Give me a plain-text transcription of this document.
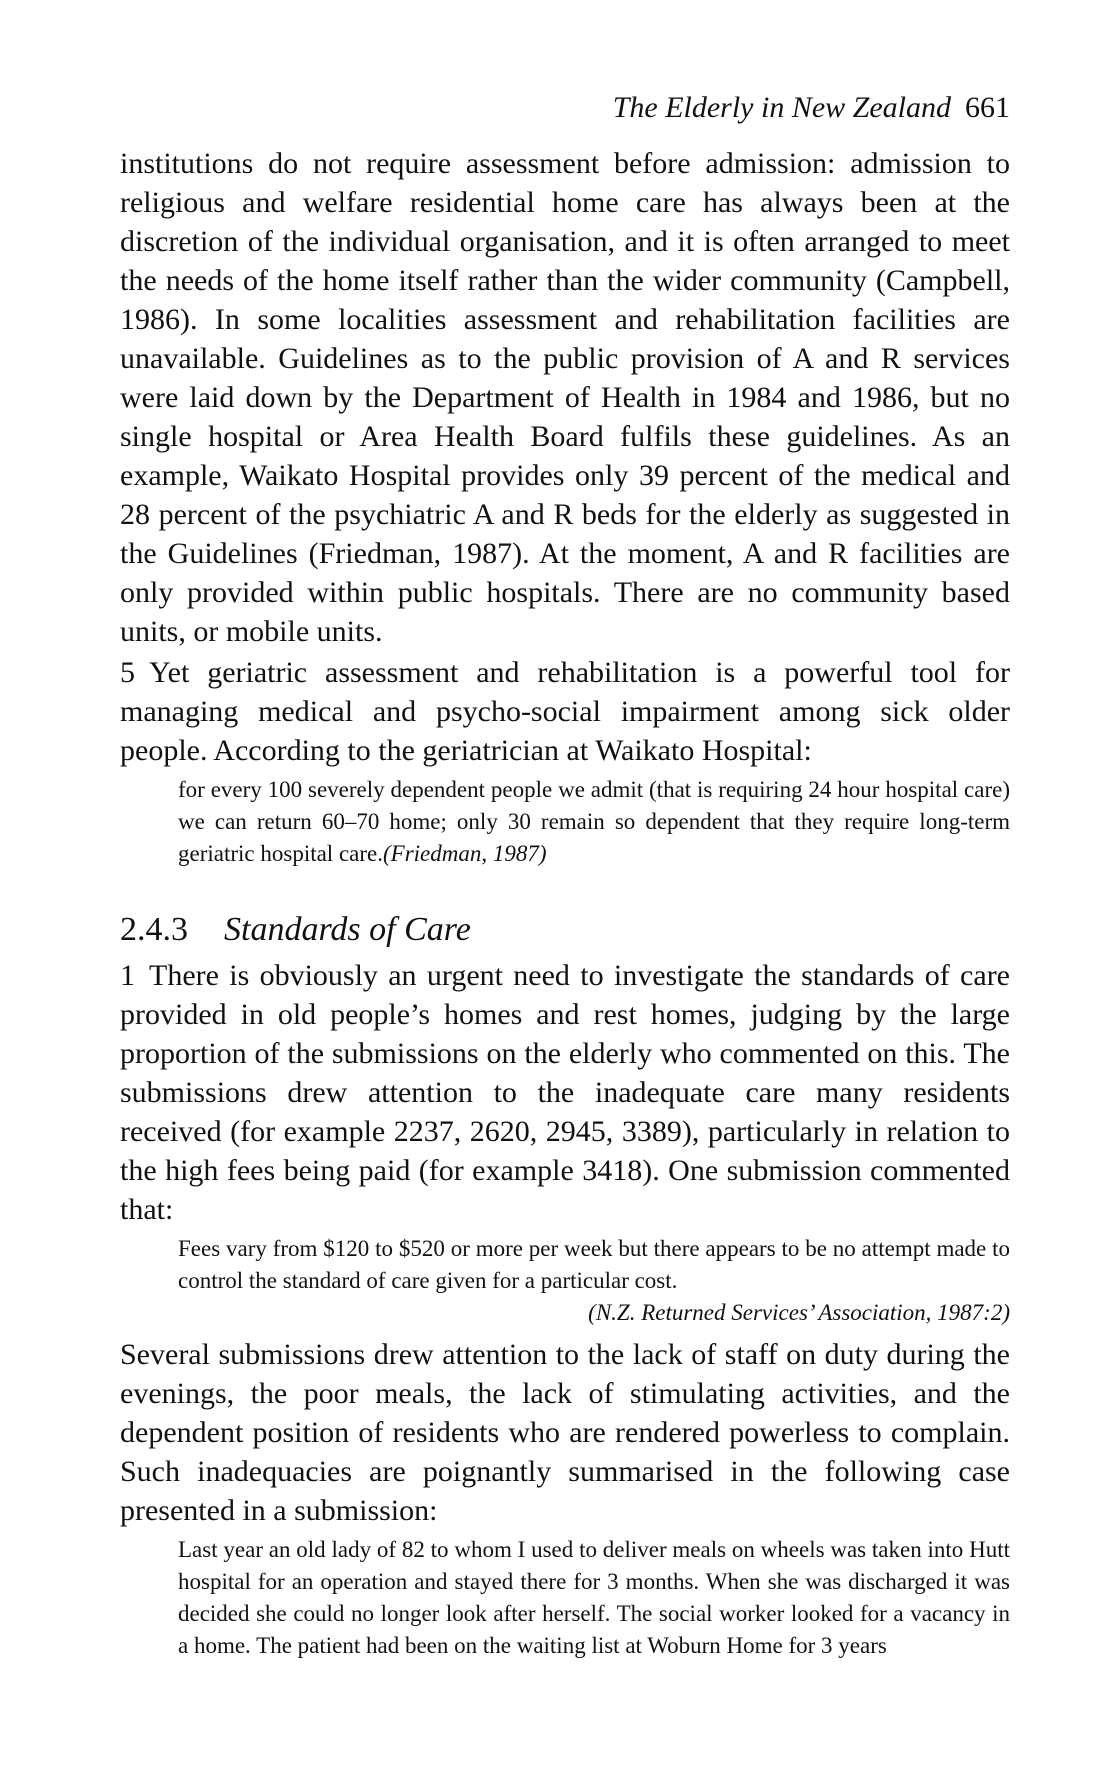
The Elderly in New Zealand 661

institutions do not require assessment before admission: admission to religious and welfare residential home care has always been at the discretion of the individual organisation, and it is often arranged to meet the needs of the home itself rather than the wider community (Campbell, 1986). In some localities assessment and rehabilitation facilities are unavailable. Guidelines as to the public provision of A and R services were laid down by the Department of Health in 1984 and 1986, but no single hospital or Area Health Board fulfils these guidelines. As an example, Waikato Hospital provides only 39 percent of the medical and 28 percent of the psychiatric A and R beds for the elderly as suggested in the Guidelines (Friedman, 1987). At the moment, A and R facilities are only provided within public hospitals. There are no community based units, or mobile units.

5 Yet geriatric assessment and rehabilitation is a powerful tool for managing medical and psycho-social impairment among sick older people. According to the geriatrician at Waikato Hospital:

for every 100 severely dependent people we admit (that is requiring 24 hour hospital care) we can return 60–70 home; only 30 remain so dependent that they require long-term geriatric hospital care.(Friedman, 1987)
2.4.3 Standards of Care

1 There is obviously an urgent need to investigate the standards of care provided in old people’s homes and rest homes, judging by the large proportion of the submissions on the elderly who commented on this. The submissions drew attention to the inadequate care many residents received (for example 2237, 2620, 2945, 3389), particularly in relation to the high fees being paid (for example 3418). One submission commented that:

Fees vary from $120 to $520 or more per week but there appears to be no attempt made to control the standard of care given for a particular cost.
(N.Z. Returned Services’ Association, 1987:2)

Several submissions drew attention to the lack of staff on duty during the evenings, the poor meals, the lack of stimulating activities, and the dependent position of residents who are rendered powerless to complain. Such inadequacies are poignantly summarised in the following case presented in a submission:

Last year an old lady of 82 to whom I used to deliver meals on wheels was taken into Hutt hospital for an operation and stayed there for 3 months. When she was discharged it was decided she could no longer look after herself. The social worker looked for a vacancy in a home. The patient had been on the waiting list at Woburn Home for 3 years
